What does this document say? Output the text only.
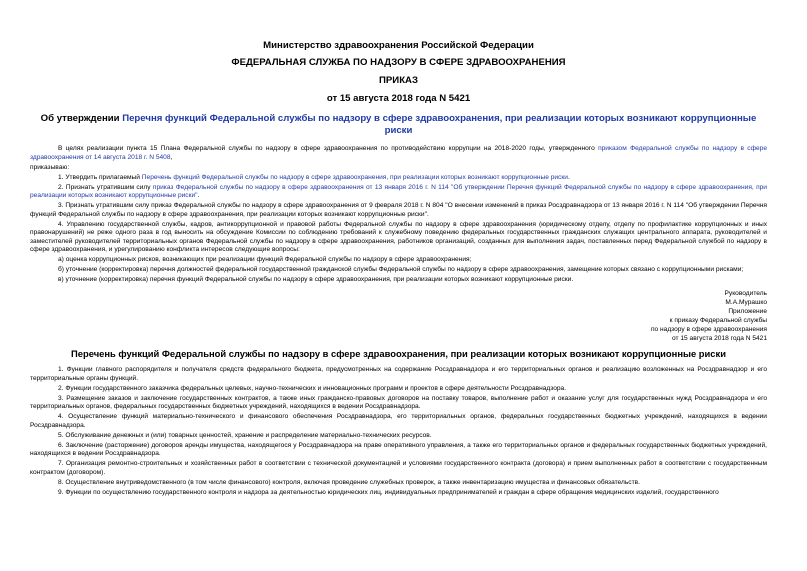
Министерство здравоохранения Российской Федерации
ФЕДЕРАЛЬНАЯ СЛУЖБА ПО НАДЗОРУ В СФЕРЕ ЗДРАВООХРАНЕНИЯ
ПРИКАЗ
от 15 августа 2018 года N 5421
Об утверждении Перечня функций Федеральной службы по надзору в сфере здравоохранения, при реализации которых возникают коррупционные риски

В целях реализации пункта 15 Плана Федеральной службы по надзору в сфере здравоохранения по противодействию коррупции на 2018-2020 годы, утвержденного приказом Федеральной службы по надзору в сфере здравоохранения от 14 августа 2018 г. N 5408,

приказываю:

1. Утвердить прилагаемый Перечень функций Федеральной службы по надзору в сфере здравоохранения, при реализации которых возникают коррупционные риски.

2. Признать утратившим силу приказ Федеральной службы по надзору в сфере здравоохранения от 13 января 2016 г. N 114 "Об утверждении Перечня функций Федеральной службы по надзору в сфере здравоохранения, при реализации которых возникают коррупционные риски".

3. Признать утратившим силу приказ Федеральной службы по надзору в сфере здравоохранения от 9 февраля 2018 г. N 804 "О внесении изменений в приказ Росздравнадзора от 13 января 2016 г. N 114 "Об утверждении Перечня функций Федеральной службы по надзору в сфере здравоохранения, при реализации которых возникают коррупционные риски".

4. Управлению государственной службы, кадров, антикоррупционной и правовой работы Федеральной службы по надзору в сфере здравоохранения (юридическому отделу, отделу по профилактике коррупционных и иных правонарушений) не реже одного раза в год выносить на обсуждение Комиссии по соблюдению требований к служебному поведению федеральных государственных гражданских служащих центрального аппарата, руководителей и заместителей руководителей территориальных органов Федеральной службы по надзору в сфере здравоохранения, работников организаций, созданных для выполнения задач, поставленных перед Федеральной службой по надзору в сфере здравоохранения, и урегулированию конфликта интересов следующие вопросы:

а) оценка коррупционных рисков, возникающих при реализации функций Федеральной службы по надзору в сфере здравоохранения;

б) уточнение (корректировка) перечня должностей федеральной государственной гражданской службы Федеральной службы по надзору в сфере здравоохранения, замещение которых связано с коррупционными рисками;

в) уточнение (корректировка) перечня функций Федеральной службы по надзору в сфере здравоохранения, при реализации которых возникают коррупционные риски.

Руководитель
М.А.Мурашко
Приложение
к приказу Федеральной службы
по надзору в сфере здравоохранения
от 15 августа 2018 года N 5421
Перечень функций Федеральной службы по надзору в сфере здравоохранения, при реализации которых возникают коррупционные риски

1. Функции главного распорядителя и получателя средств федерального бюджета, предусмотренных на содержание Росздравнадзора и его территориальных органов и реализацию возложенных на Росздравнадзор и его территориальные органы функций.

2. Функции государственного заказчика федеральных целевых, научно-технических и инновационных программ и проектов в сфере деятельности Росздравнадзора.

3. Размещение заказов и заключение государственных контрактов, а также иных гражданско-правовых договоров на поставку товаров, выполнение работ и оказание услуг для государственных нужд Росздравнадзора и его территориальных органов, федеральных государственных бюджетных учреждений, находящихся в ведении Росздравнадзора.

4. Осуществление функций материально-технического и финансового обеспечения Росздравнадзора, его территориальных органов, федеральных государственных бюджетных учреждений, находящихся в ведении Росздравнадзора.

5. Обслуживание денежных и (или) товарных ценностей, хранение и распределение материально-технических ресурсов.

6. Заключение (расторжение) договоров аренды имущества, находящегося у Росздравнадзора на праве оперативного управления, а также его территориальных органов и федеральных государственных бюджетных учреждений, находящихся в ведении Росздравнадзора.

7. Организация ремонтно-строительных и хозяйственных работ в соответствии с технической документацией и условиями государственного контракта (договора) и прием выполненных работ в соответствии с государственным контрактом (договором).

8. Осуществление внутриведомственного (в том числе финансового) контроля, включая проведение служебных проверок, а также инвентаризацию имущества и финансовых обязательств.

9. Функции по осуществлению государственного контроля и надзора за деятельностью юридических лиц, индивидуальных предпринимателей и граждан в сфере обращения медицинских изделий, государственного
